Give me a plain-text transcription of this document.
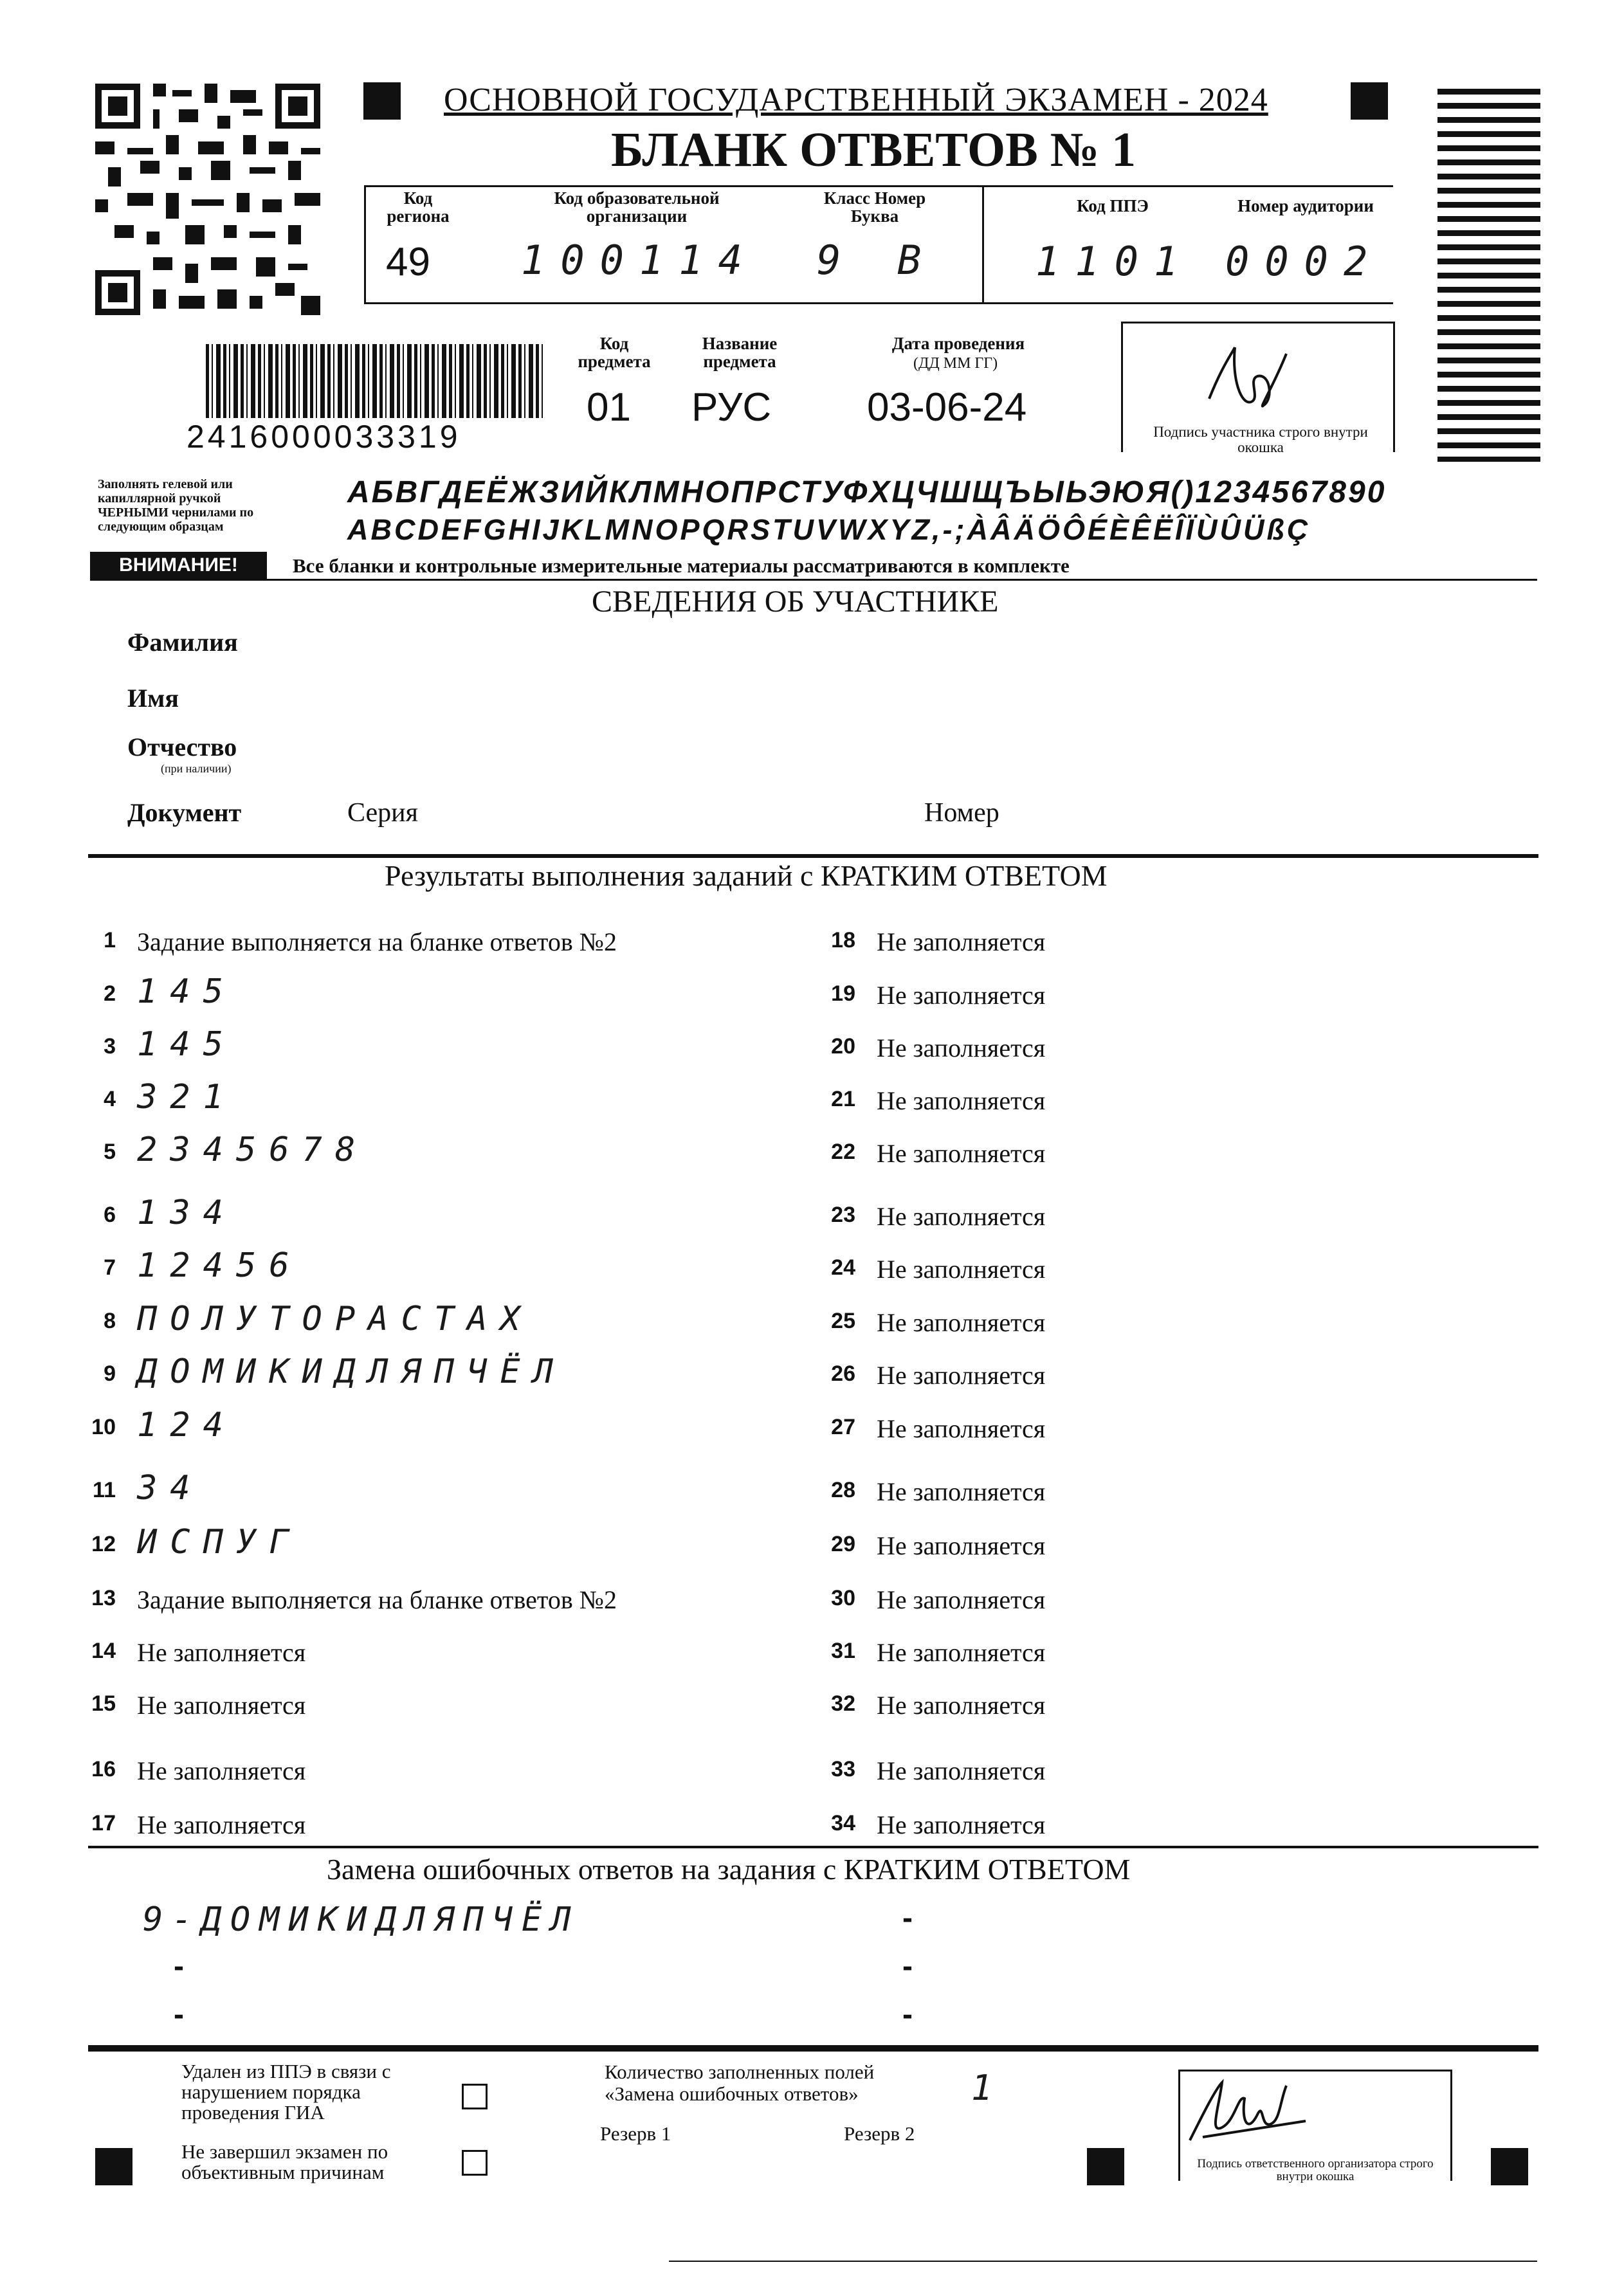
ОСНОВНОЙ ГОСУДАРСТВЕННЫЙ ЭКЗАМЕН - 2024
БЛАНК ОТВЕТОВ № 1
Код региона
49
Код образовательной организации
100114
Класс Номер Буква
9 В
Код ППЭ
1101
Номер аудитории
0002
2416000033319
Код предмета
01
Название предмета
РУС
Дата проведения
(ДД ММ ГГ)
03-06-24
Подпись участника строго внутри окошка
Заполнять гелевой или капиллярной ручкой ЧЕРНЫМИ чернилами по следующим образцам
АБВГДЕЁЖЗИЙКЛМНОПРСТУФХЦЧШЩЪЫЬЭЮЯ()1234567890
ABCDEFGHIJKLMNOPQRSTUVWXYZ,-;ÀÂÄÖÔÉÈÊËÎÏÙÛÜßÇ
ВНИМАНИЕ!	Все бланки и контрольные измерительные материалы рассматриваются в комплекте
СВЕДЕНИЯ ОБ УЧАСТНИКЕ
Фамилия
Имя
Отчество
(при наличии)
Документ	Серия	Номер
Результаты выполнения заданий с КРАТКИМ ОТВЕТОМ
1 Задание выполняется на бланке ответов №2
2 145
3 145
4 321
5 2345678
6 134
7 12456
8 ПОЛУТОРАСТАХ
9 ДОМИКИДЛЯПЧЁЛ
10 124
11 34
12 ИСПУГ
13 Задание выполняется на бланке ответов №2
14 Не заполняется
15 Не заполняется
16 Не заполняется
17 Не заполняется
18 Не заполняется
19 Не заполняется
20 Не заполняется
21 Не заполняется
22 Не заполняется
23 Не заполняется
24 Не заполняется
25 Не заполняется
26 Не заполняется
27 Не заполняется
28 Не заполняется
29 Не заполняется
30 Не заполняется
31 Не заполняется
32 Не заполняется
33 Не заполняется
34 Не заполняется
Замена ошибочных ответов на задания с КРАТКИМ ОТВЕТОМ
9-ДОМИКИДЛЯПЧЁЛ
-
-
-
-
-
Удален из ППЭ в связи с нарушением порядка проведения ГИА
Не завершил экзамен по объективным причинам
Количество заполненных полей «Замена ошибочных ответов»	1
Резерв 1	Резерв 2
Подпись ответственного организатора строго внутри окошка
